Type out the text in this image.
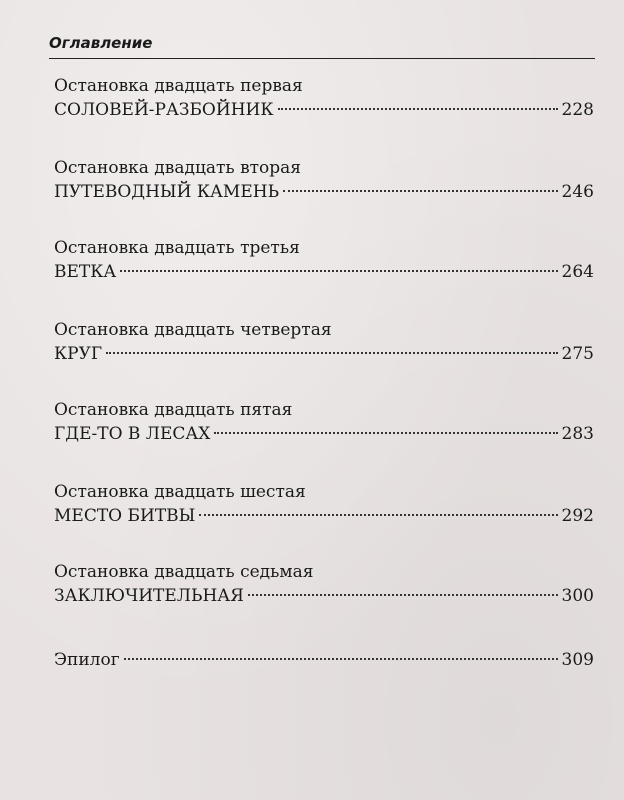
Оглавление
Остановка двадцать первая
СОЛОВЕЙ-РАЗБОЙНИК	228
Остановка двадцать вторая
ПУТЕВОДНЫЙ КАМЕНЬ	246
Остановка двадцать третья
ВЕТКА	264
Остановка двадцать четвертая
КРУГ	275
Остановка двадцать пятая
ГДЕ-ТО В ЛЕСАХ	283
Остановка двадцать шестая
МЕСТО БИТВЫ	292
Остановка двадцать седьмая
ЗАКЛЮЧИТЕЛЬНАЯ	300
Эпилог	309
